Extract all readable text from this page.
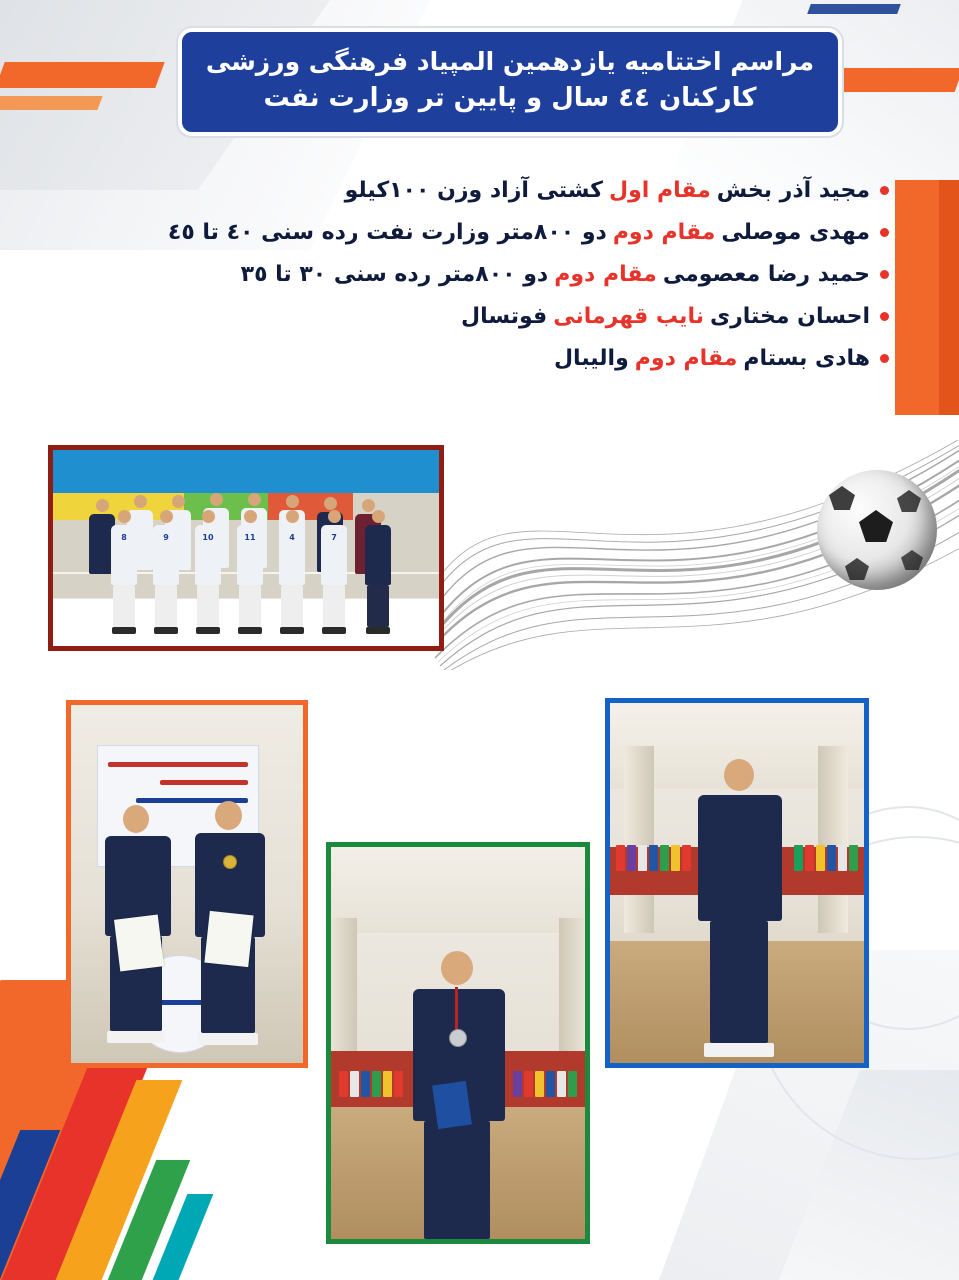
مراسم اختتامیه یازدهمین المپیاد فرهنگی ورزشی
کارکنان ٤٤ سال و پایین تر وزارت نفت
مجید آذر بخش
مقام اول
کشتی آزاد وزن ١٠٠کیلو
مهدی موصلی
مقام دوم
دو ٨٠٠متر وزارت نفت رده سنی ٤٠ تا ٤٥
حمید رضا معصومی
مقام دوم
دو ٨٠٠متر رده سنی ٣٠ تا ٣٥
احسان مختاری
نایب قهرمانی
فوتسال
هادی بستام
مقام دوم
والیبال
8	9	10	11	4	7
